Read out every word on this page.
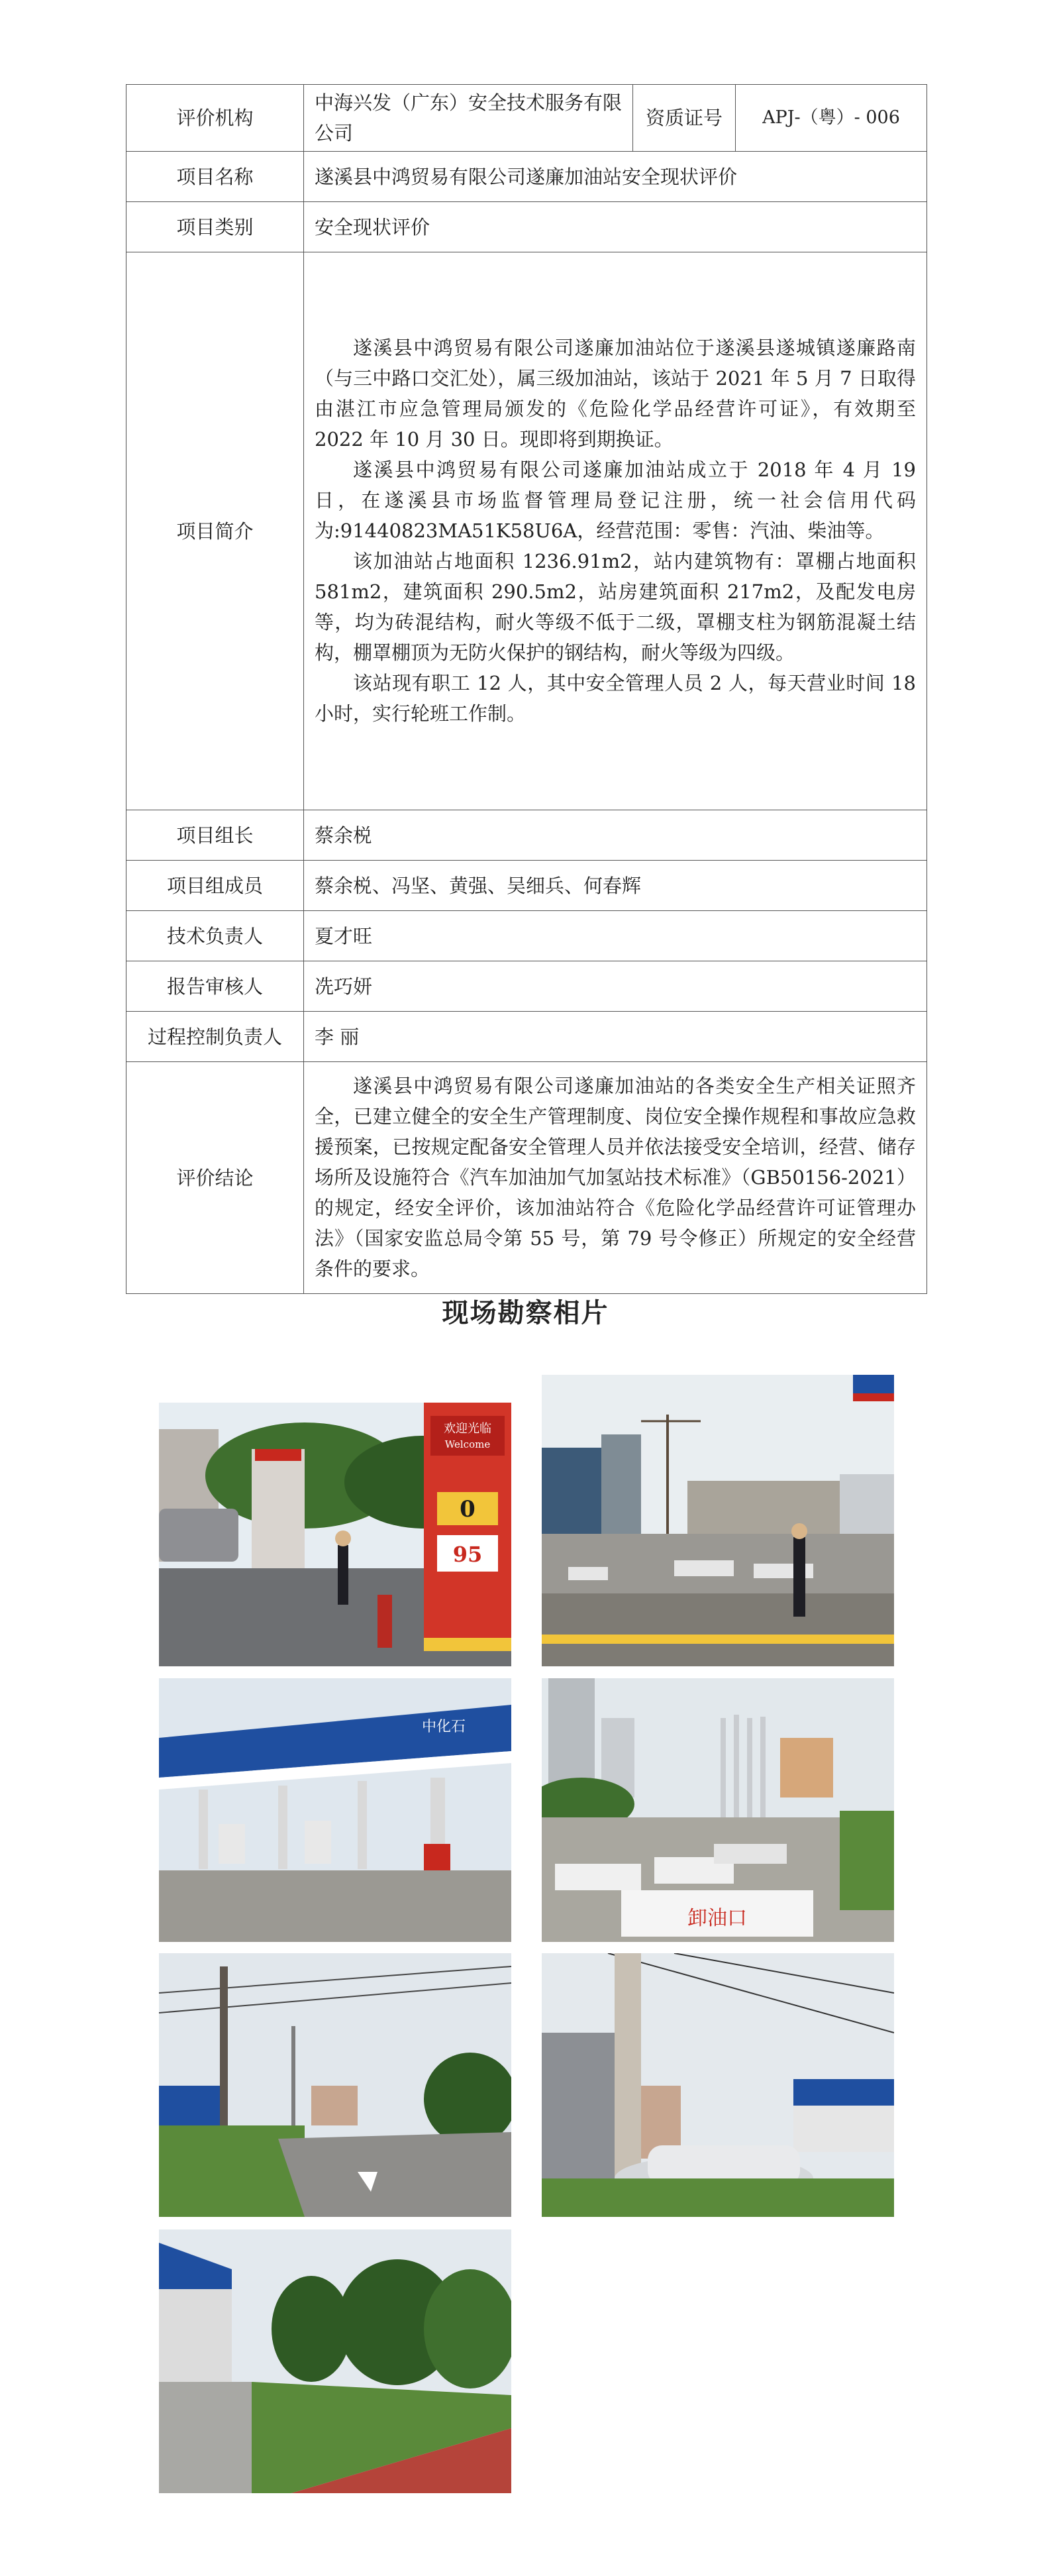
评价机构	中海兴发（广东）安全技术服务有限公司	资质证号	APJ-（粤）- 006
项目名称	遂溪县中鸿贸易有限公司遂廉加油站安全现状评价		
项目类别	安全现状评价		
项目简介	遂溪县中鸿贸易有限公司遂廉加油站位于遂溪县遂城镇遂廉路南（与三中路口交汇处），属三级加油站，该站于 2021 年 5 月 7 日取得由湛江市应急管理局颁发的《危险化学品经营许可证》，有效期至 2022 年 10 月 30 日。现即将到期换证。

遂溪县中鸿贸易有限公司遂廉加油站成立于 2018 年 4 月 19 日，在遂溪县市场监督管理局登记注册，统一社会信用代码为:91440823MA51K58U6A，经营范围：零售：汽油、柴油等。

该加油站占地面积 1236.91m2，站内建筑物有：罩棚占地面积 581m2，建筑面积 290.5m2，站房建筑面积 217m2，及配发电房等，均为砖混结构，耐火等级不低于二级，罩棚支柱为钢筋混凝土结构，棚罩棚顶为无防火保护的钢结构，耐火等级为四级。

该站现有职工 12 人，其中安全管理人员 2 人，每天营业时间 18 小时，实行轮班工作制。		

项目组长	蔡余棁		
项目组成员	蔡余棁、冯坚、黄强、吴细兵、何春辉		
技术负责人	夏才旺		
报告审核人	冼巧妍		
过程控制负责人	李 丽		
评价结论	遂溪县中鸿贸易有限公司遂廉加油站的各类安全生产相关证照齐全，已建立健全的安全生产管理制度、岗位安全操作规程和事故应急救援预案，已按规定配备安全管理人员并依法接受安全培训，经营、储存场所及设施符合《汽车加油加气加氢站技术标准》（GB50156-2021）的规定，经安全评价，该加油站符合《危险化学品经营许可证管理办法》（国家安监总局令第 55 号，第 79 号令修正）所规定的安全经营条件的要求。		

现场勘察相片
欢迎光临
Welcome
0
95
中化石
卸油口
